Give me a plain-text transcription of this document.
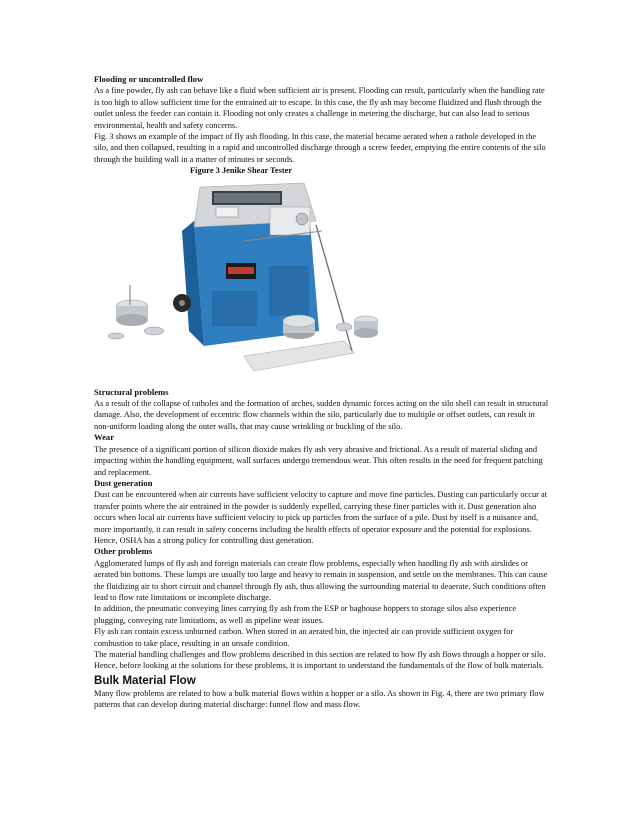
Flooding or uncontrolled flow

As a fine powder, fly ash can behave like a fluid when sufficient air is present. Flooding can result, particularly when the handling rate is too high to allow sufficient time for the entrained air to escape. In this case, the fly ash may become fluidized and flush through the outlet unless the feeder can contain it. Flooding not only creates a challenge in metering the discharge, but can also lead to serious environmental, health and safety concerns.

Fig. 3 shows an example of the impact of fly ash flooding. In this case, the material became aerated when a rathole developed in the silo, and then collapsed, resulting in a rapid and uncontrolled discharge through a screw feeder, emptying the entire contents of the silo through the building wall in a matter of minutes or seconds.

Figure 3 Jenike Shear Tester

Structural problems

As a result of the collapse of ratholes and the formation of arches, sudden dynamic forces acting on the silo shell can result in structural damage. Also, the development of eccentric flow channels within the silo, particularly due to multiple or offset outlets, can result in non-uniform loading along the outer walls, that may cause wrinkling or buckling of the silo.

Wear

The presence of a significant portion of silicon dioxide makes fly ash very abrasive and frictional. As a result of material sliding and impacting within the handling equipment, wall surfaces undergo tremendous wear. This often results in the need for frequent patching and replacement.

Dust generation

Dust can be encountered when air currents have sufficient velocity to capture and move fine particles. Dusting can particularly occur at transfer points where the air entrained in the powder is suddenly expelled, carrying these finer particles with it. Dust generation also occurs when local air currents have sufficient velocity to pick up particles from the surface of a pile. Dust by itself is a nuisance and, more importantly, it can result in safety concerns including the health effects of operator exposure and the potential for explosions. Hence, OSHA has a strong policy for controlling dust generation.

Other problems

Agglomerated lumps of fly ash and foreign materials can create flow problems, especially when handling fly ash with airslides or aerated bin bottoms. These lumps are usually too large and heavy to remain in suspension, and settle on the membranes. This can cause the fluidizing air to short circuit and channel through fly ash, thus allowing the surrounding material to deaerate. Such conditions often lead to flow rate limitations or incomplete discharge.

In addition, the pneumatic conveying lines carrying fly ash from the ESP or baghouse hoppers to storage silos also experience plugging, conveying rate limitations, as well as pipeline wear issues.

Fly ash can contain excess unburned carbon. When stored in an aerated bin, the injected air can provide sufficient oxygen for combustion to take place, resulting in an unsafe condition.

The material handling challenges and flow problems described in this section are related to how fly ash flows through a hopper or silo. Hence, before looking at the solutions for these problems, it is important to understand the fundamentals of the flow of bulk materials.

Bulk Material Flow

Many flow problems are related to how a bulk material flows within a hopper or a silo. As shown in Fig. 4, there are two primary flow patterns that can develop during material discharge: funnel flow and mass flow.
